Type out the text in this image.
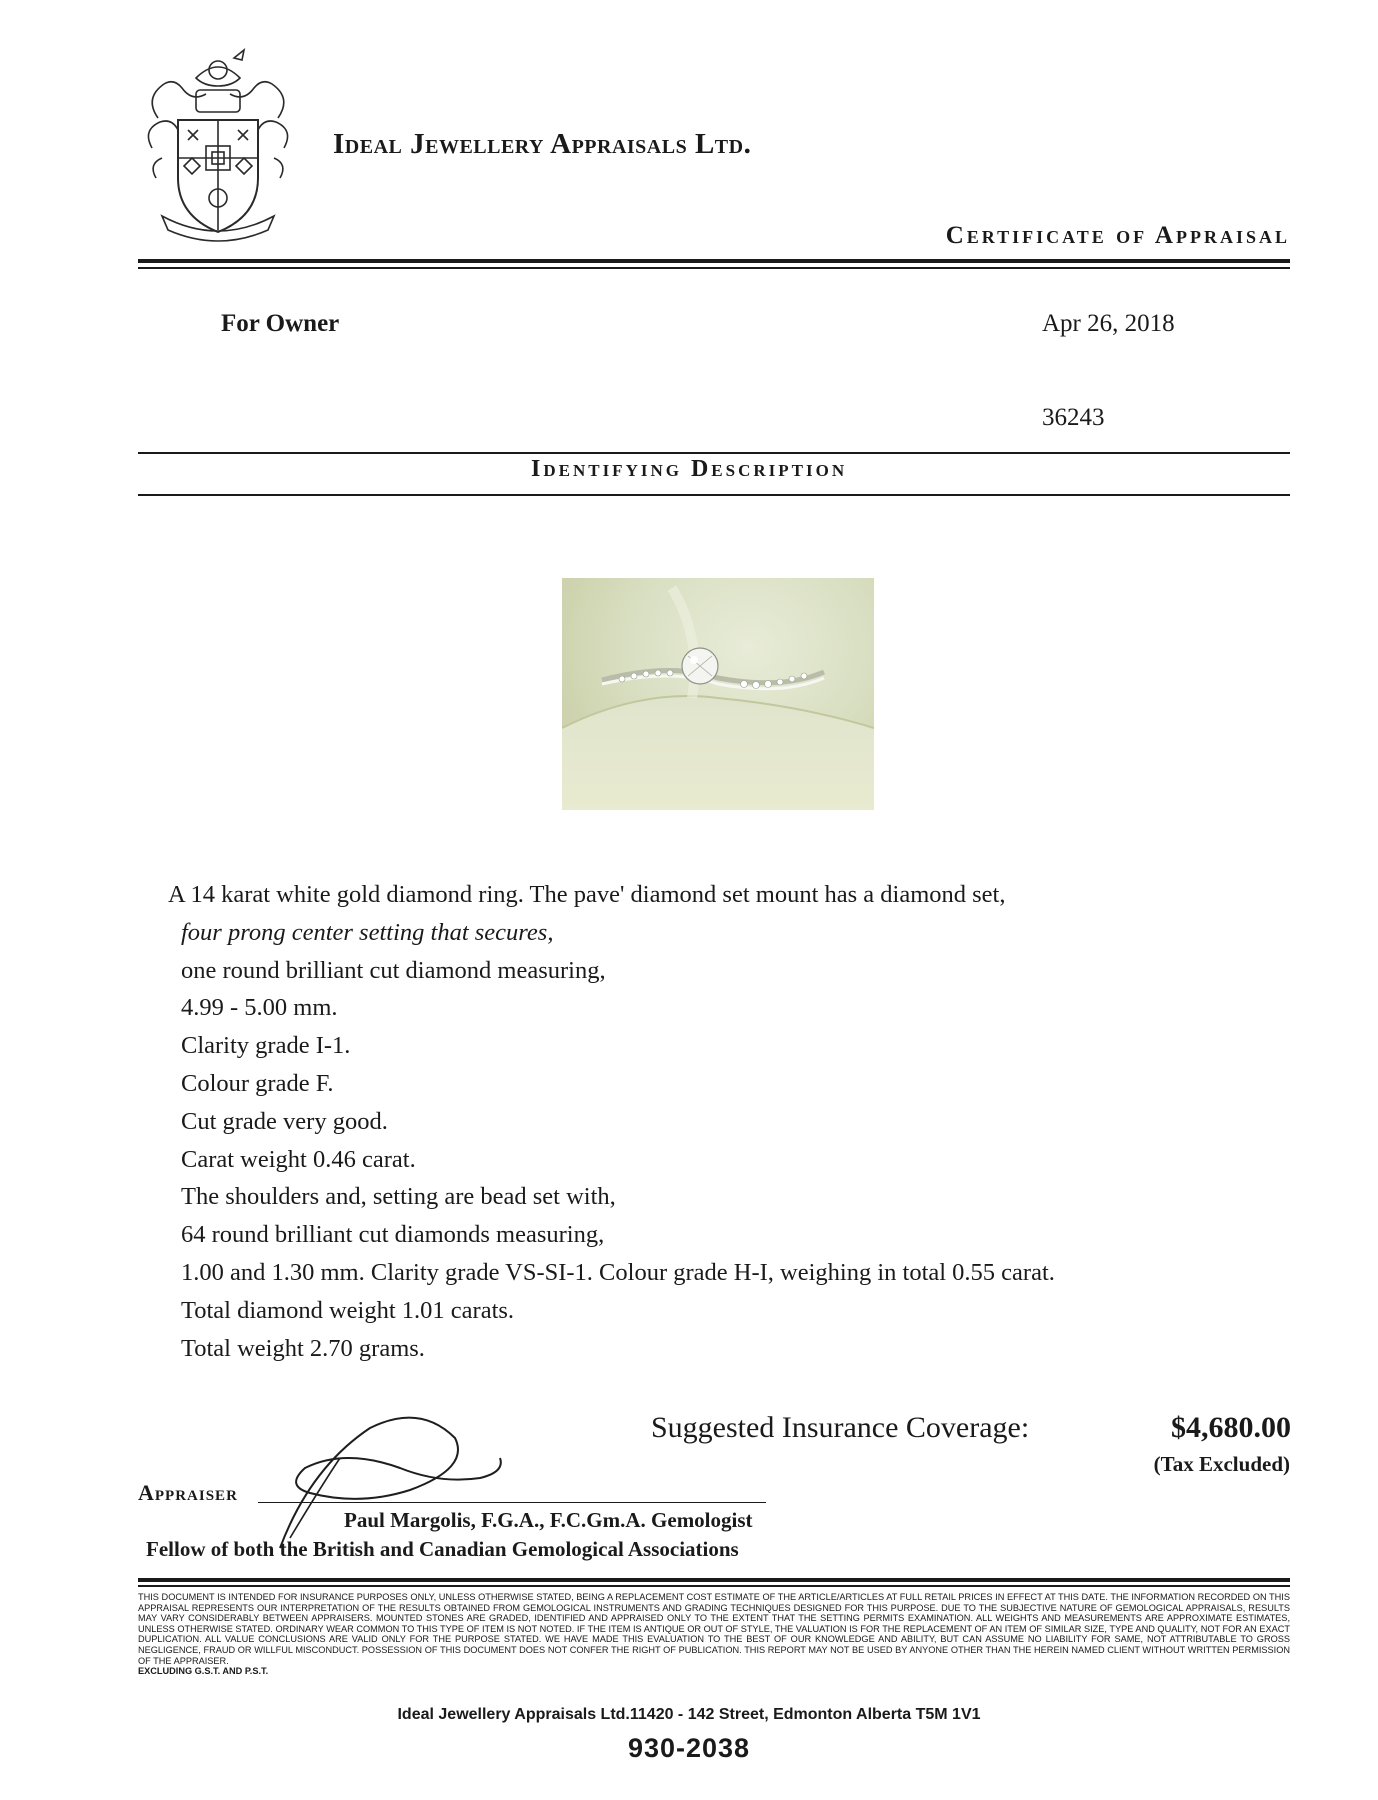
Ideal Jewellery Appraisals Ltd.
Certificate of Appraisal
For Owner	Apr 26, 2018
36243
Identifying Description
A 14 karat white gold diamond ring. The pave' diamond set mount has a diamond set,
four prong center setting that secures,
one round brilliant cut diamond measuring,
4.99 - 5.00 mm.
Clarity grade I-1.
Colour grade F.
Cut grade very good.
Carat weight 0.46 carat.
The shoulders and, setting are bead set with,
64 round brilliant cut diamonds measuring,
1.00 and 1.30 mm. Clarity grade VS-SI-1. Colour grade H-I, weighing in total 0.55 carat.
Total diamond weight 1.01 carats.
Total weight 2.70 grams.
Suggested Insurance Coverage:	$4,680.00
(Tax Excluded)
Appraiser
Paul Margolis, F.G.A., F.C.Gm.A. Gemologist
Fellow of both the British and Canadian Gemological Associations
THIS DOCUMENT IS INTENDED FOR INSURANCE PURPOSES ONLY, UNLESS OTHERWISE STATED, BEING A REPLACEMENT COST ESTIMATE OF THE ARTICLE/ARTICLES AT FULL RETAIL PRICES IN EFFECT AT THIS DATE. THE INFORMATION RECORDED ON THIS APPRAISAL REPRESENTS OUR INTERPRETATION OF THE RESULTS OBTAINED FROM GEMOLOGICAL INSTRUMENTS AND GRADING TECHNIQUES DESIGNED FOR THIS PURPOSE. DUE TO THE SUBJECTIVE NATURE OF GEMOLOGICAL APPRAISALS, RESULTS MAY VARY CONSIDERABLY BETWEEN APPRAISERS. MOUNTED STONES ARE GRADED, IDENTIFIED AND APPRAISED ONLY TO THE EXTENT THAT THE SETTING PERMITS EXAMINATION. ALL WEIGHTS AND MEASUREMENTS ARE APPROXIMATE ESTIMATES, UNLESS OTHERWISE STATED. ORDINARY WEAR COMMON TO THIS TYPE OF ITEM IS NOT NOTED. IF THE ITEM IS ANTIQUE OR OUT OF STYLE, THE VALUATION IS FOR THE REPLACEMENT OF AN ITEM OF SIMILAR SIZE, TYPE AND QUALITY, NOT FOR AN EXACT DUPLICATION. ALL VALUE CONCLUSIONS ARE VALID ONLY FOR THE PURPOSE STATED. WE HAVE MADE THIS EVALUATION TO THE BEST OF OUR KNOWLEDGE AND ABILITY, BUT CAN ASSUME NO LIABILITY FOR SAME, NOT ATTRIBUTABLE TO GROSS NEGLIGENCE, FRAUD OR WILLFUL MISCONDUCT. POSSESSION OF THIS DOCUMENT DOES NOT CONFER THE RIGHT OF PUBLICATION. THIS REPORT MAY NOT BE USED BY ANYONE OTHER THAN THE HEREIN NAMED CLIENT WITHOUT WRITTEN PERMISSION OF THE APPRAISER.
EXCLUDING G.S.T. AND P.S.T.
Ideal Jewellery Appraisals Ltd.11420 - 142 Street, Edmonton Alberta T5M 1V1
930-2038
